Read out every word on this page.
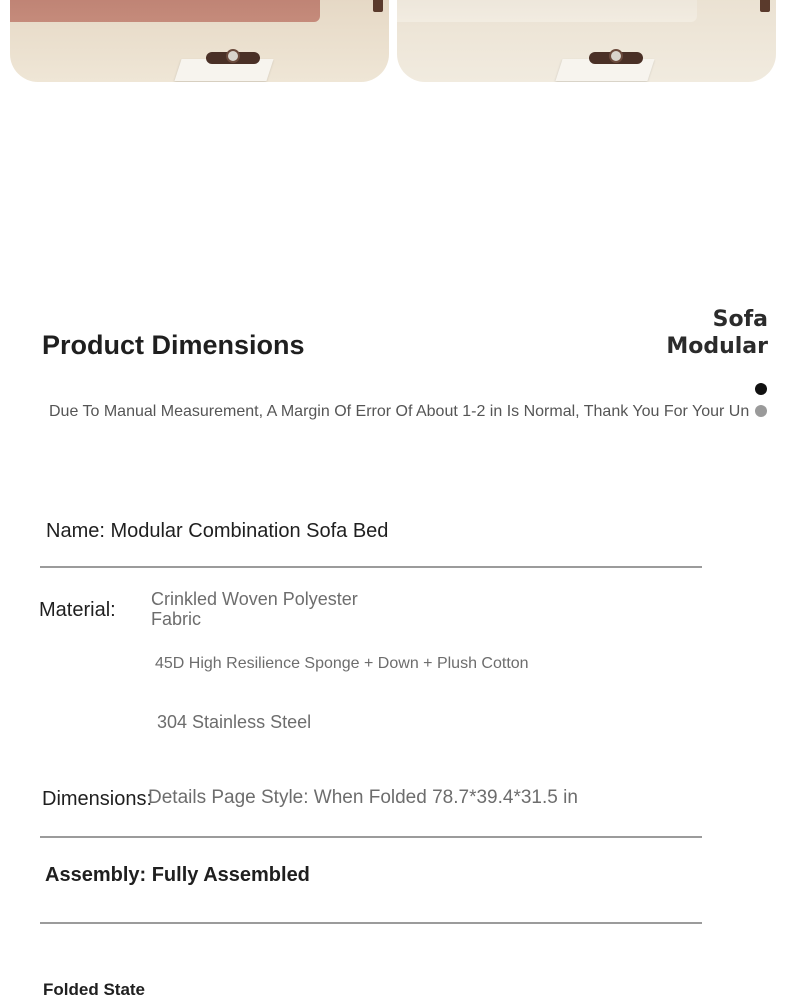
Product Dimensions
Sofa
Modular
Due To Manual Measurement, A Margin Of Error Of About 1-2 in Is Normal, Thank You For Your Un
Name: Modular Combination Sofa Bed
Material: Crinkled Woven Polyester
Fabric
45D High Resilience Sponge + Down + Plush Cotton
304 Stainless Steel
Dimensions:
Details Page Style: When Folded 78.7*39.4*31.5 in
Assembly: Fully Assembled
Folded State
